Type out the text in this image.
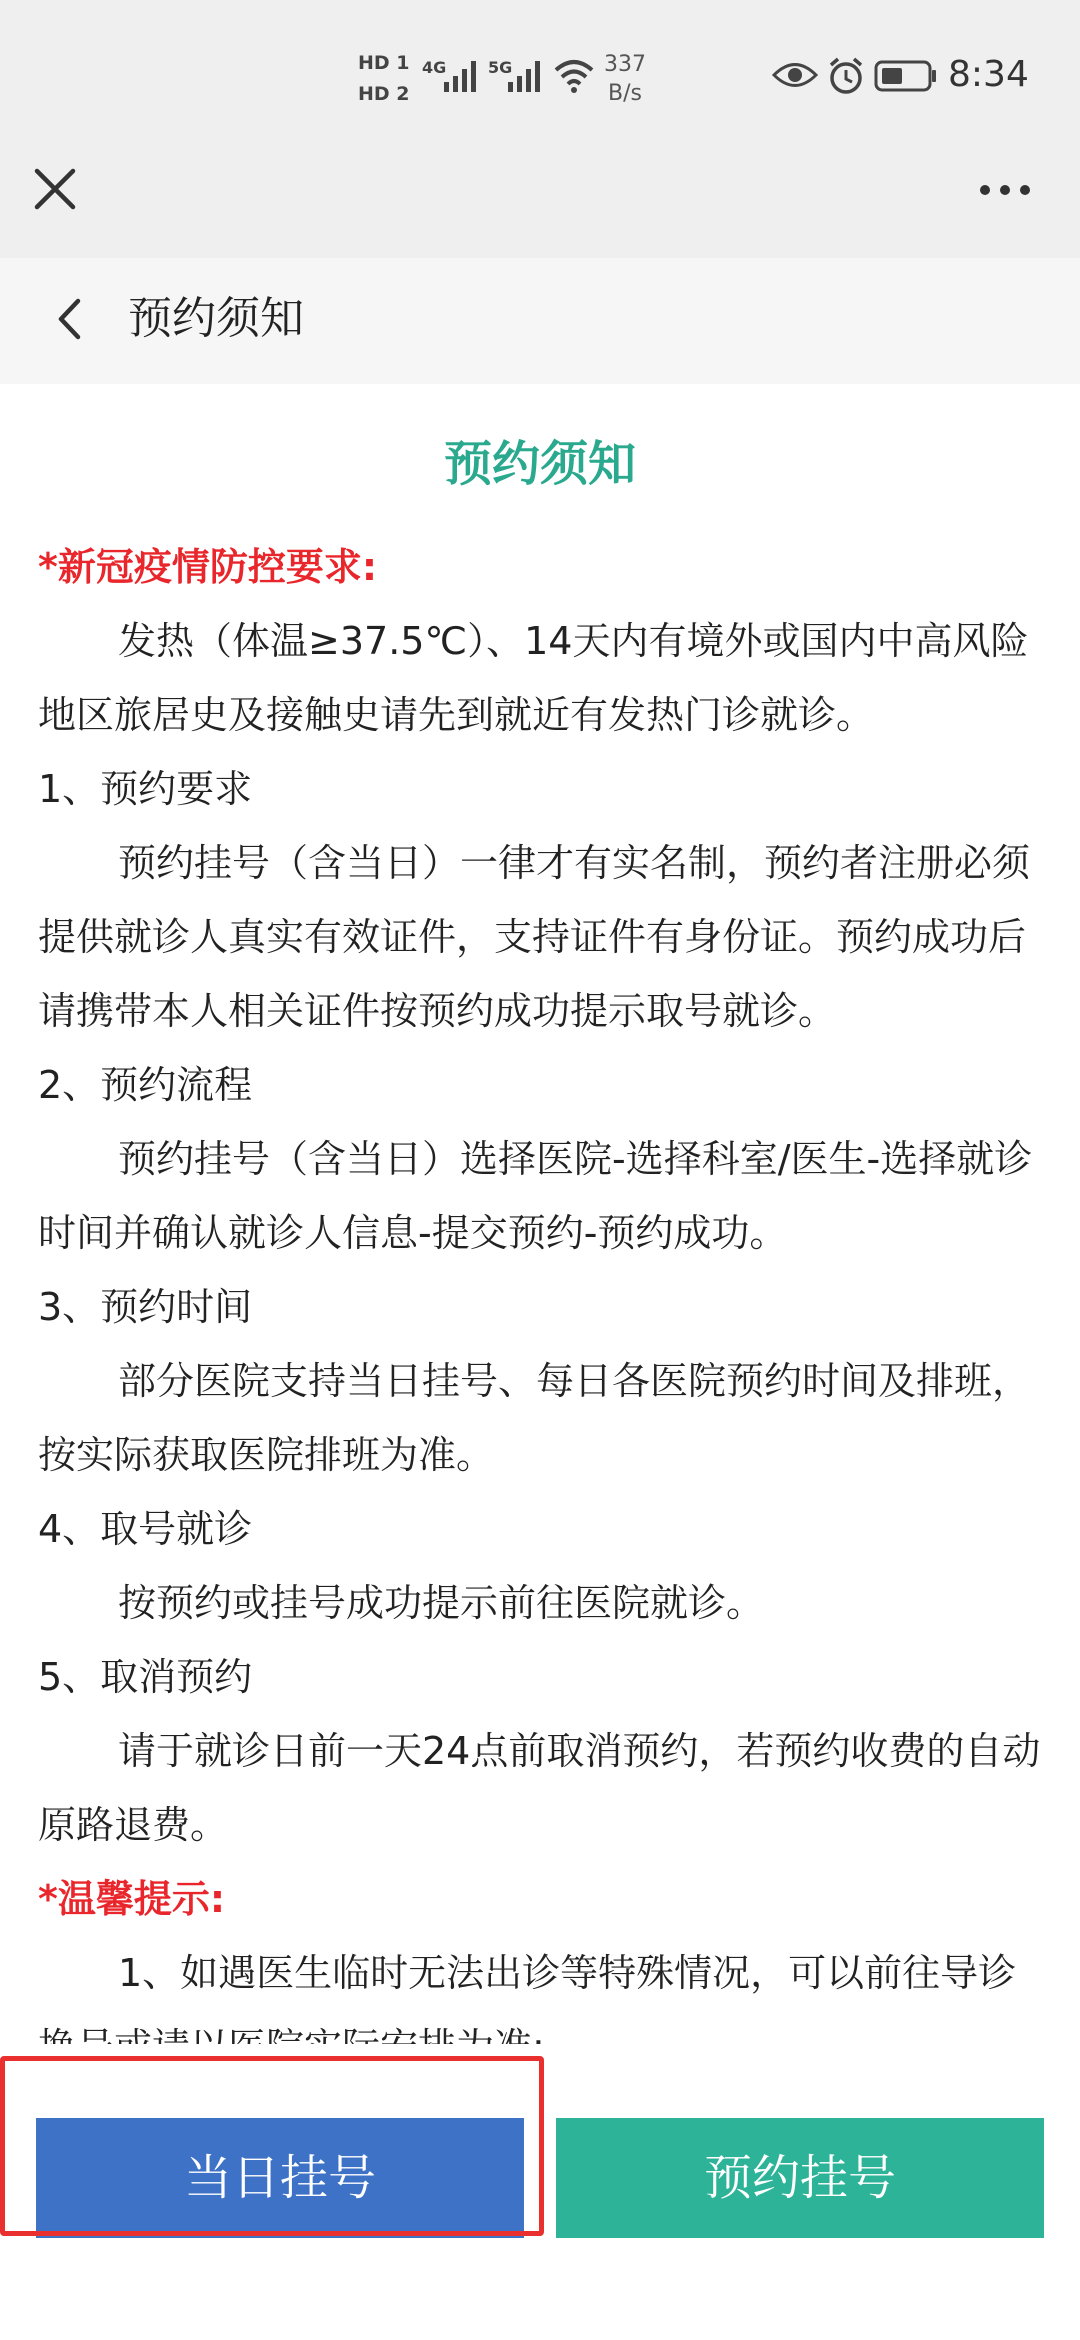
HD 1
HD 2
4G	5G	337
B/s	8:34
预约须知
预约须知
*新冠疫情防控要求:
发热（体温≥37.5℃）、14天内有境外或国内中高风险地区旅居史及接触史请先到就近有发热门诊就诊。
1、预约要求
预约挂号（含当日）一律才有实名制，预约者注册必须提供就诊人真实有效证件，支持证件有身份证。预约成功后请携带本人相关证件按预约成功提示取号就诊。
2、预约流程
预约挂号（含当日）选择医院-选择科室/医生-选择就诊时间并确认就诊人信息-提交预约-预约成功。
3、预约时间
部分医院支持当日挂号、每日各医院预约时间及排班，按实际获取医院排班为准。
4、取号就诊
按预约或挂号成功提示前往医院就诊。
5、取消预约
请于就诊日前一天24点前取消预约，若预约收费的自动原路退费。
*温馨提示:
1、如遇医生临时无法出诊等特殊情况，可以前往导诊
当日挂号	预约挂号
